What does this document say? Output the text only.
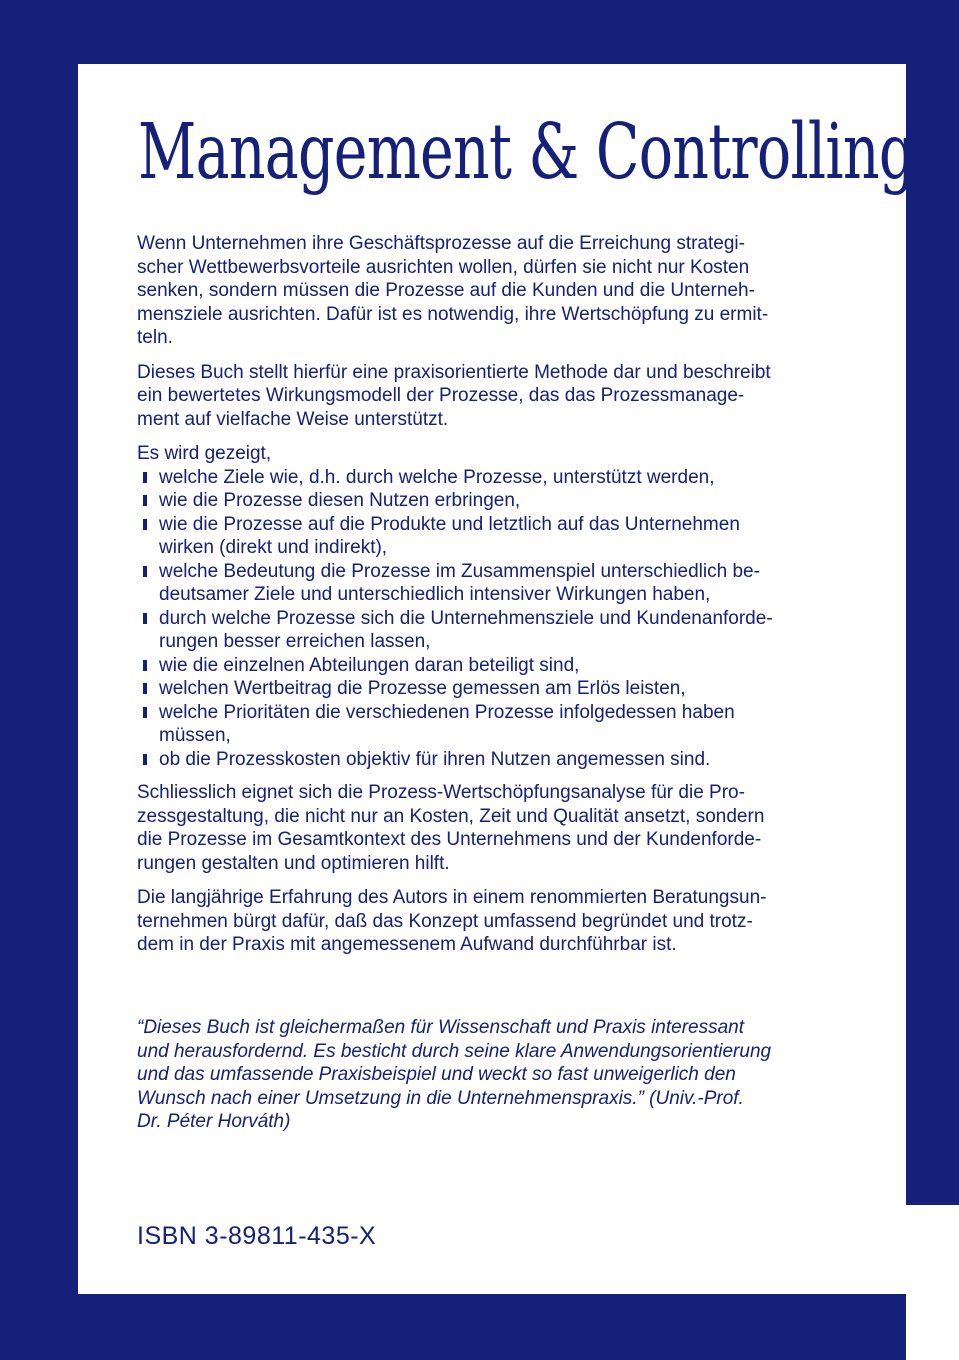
Management & Controlling

Wenn Unternehmen ihre Geschäftsprozesse auf die Erreichung strategi-
scher Wettbewerbsvorteile ausrichten wollen, dürfen sie nicht nur Kosten
senken, sondern müssen die Prozesse auf die Kunden und die Unterneh-
mensziele ausrichten. Dafür ist es notwendig, ihre Wertschöpfung zu ermit-
teln.

Dieses Buch stellt hierfür eine praxisorientierte Methode dar und beschreibt
ein bewertetes Wirkungsmodell der Prozesse, das das Prozessmanage-
ment auf vielfache Weise unterstützt.

Es wird gezeigt,

welche Ziele wie, d.h. durch welche Prozesse, unterstützt werden,
wie die Prozesse diesen Nutzen erbringen,
wie die Prozesse auf die Produkte und letztlich auf das Unternehmen
wirken (direkt und indirekt),
welche Bedeutung die Prozesse im Zusammenspiel unterschiedlich be-
deutsamer Ziele und unterschiedlich intensiver Wirkungen haben,
durch welche Prozesse sich die Unternehmensziele und Kundenanforde-
rungen besser erreichen lassen,
wie die einzelnen Abteilungen daran beteiligt sind,
welchen Wertbeitrag die Prozesse gemessen am Erlös leisten,
welche Prioritäten die verschiedenen Prozesse infolgedessen haben
müssen,
ob die Prozesskosten objektiv für ihren Nutzen angemessen sind.

Schliesslich eignet sich die Prozess-Wertschöpfungsanalyse für die Pro-
zessgestaltung, die nicht nur an Kosten, Zeit und Qualität ansetzt, sondern
die Prozesse im Gesamtkontext des Unternehmens und der Kundenforde-
rungen gestalten und optimieren hilft.

Die langjährige Erfahrung des Autors in einem renommierten Beratungsun-
ternehmen bürgt dafür, daß das Konzept umfassend begründet und trotz-
dem in der Praxis mit angemessenem Aufwand durchführbar ist.

“Dieses Buch ist gleichermaßen für Wissenschaft und Praxis interessant
und herausfordernd. Es besticht durch seine klare Anwendungsorientierung
und das umfassende Praxisbeispiel und weckt so fast unweigerlich den
Wunsch nach einer Umsetzung in die Unternehmenspraxis.” (Univ.-Prof.
Dr. Péter Horváth)
ISBN 3-89811-435-X
